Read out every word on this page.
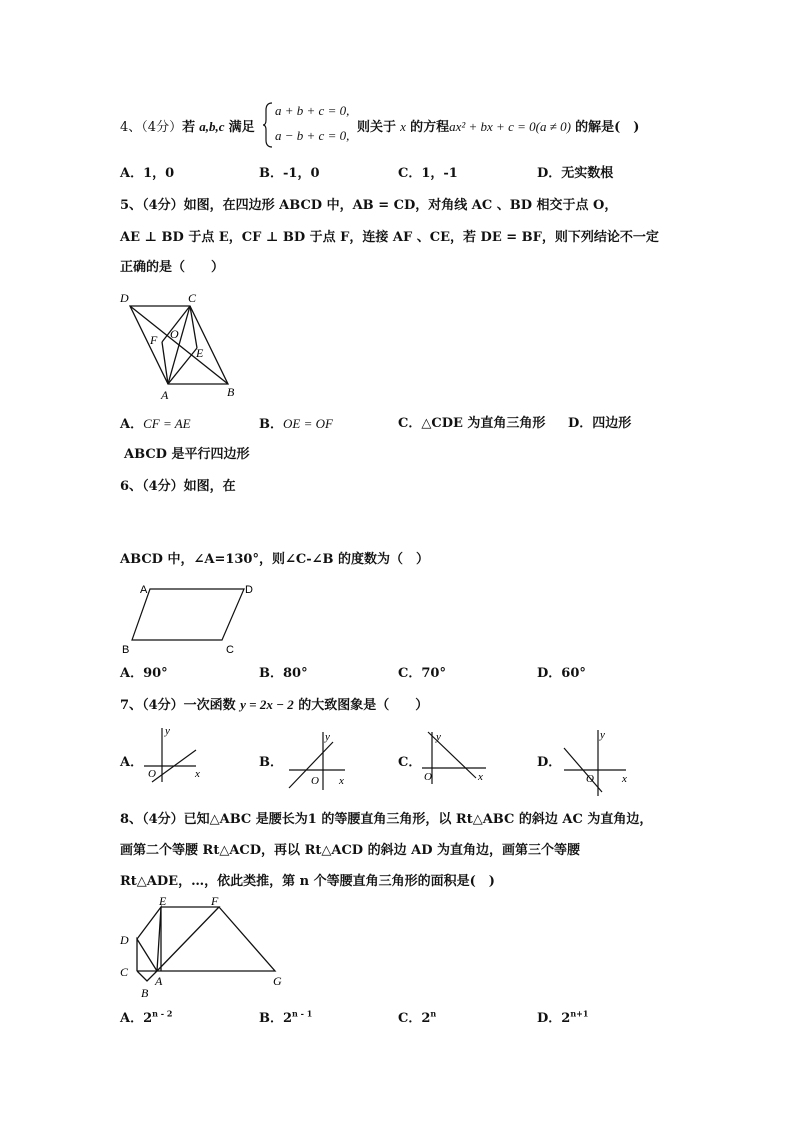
4、（4分）若 a,b,c 满足
a + b + c = 0,
a − b + c = 0,
则关于 x 的方程ax² + bx + c = 0(a ≠ 0) 的解是(　)
A．1，0	B．-1，0	C．1，-1	D．无实数根
5、（4分）如图，在四边形 ABCD 中，AB = CD，对角线 AC 、BD 相交于点 O，
AE ⊥ BD 于点 E，CF ⊥ BD 于点 F，连接 AF 、CE，若 DE = BF，则下列结论不一定
正确的是（　　）
D	C
O
F
E
A	B
A．CF = AE	B．OE = OF	C．△CDE 为直角三角形 D．四边形
ABCD 是平行四边形
6、（4分）如图，在
ABCD 中，∠A=130°，则∠C-∠B 的度数为（　）
A	D
B	C
A．90°	B．80°	C．70°	D．60°
7、（4分）一次函数 y = 2x − 2 的大致图象是（　　）
A．
y
x
O
B．
y
x
O
C．
y
x
O
D．
y
x
O
8、（4分）已知△ABC 是腰长为1 的等腰直角三角形，以 Rt△ABC 的斜边 AC 为直角边，
画第二个等腰 Rt△ACD，再以 Rt△ACD 的斜边 AD 为直角边，画第三个等腰
Rt△ADE，…，依此类推，第 n 个等腰直角三角形的面积是(　)
E	F
D
C
A
B
G
A．2$^{n - 2}$	B．2$^{n - 1}$	C．2$^n$	D．$2^{n+1}$
